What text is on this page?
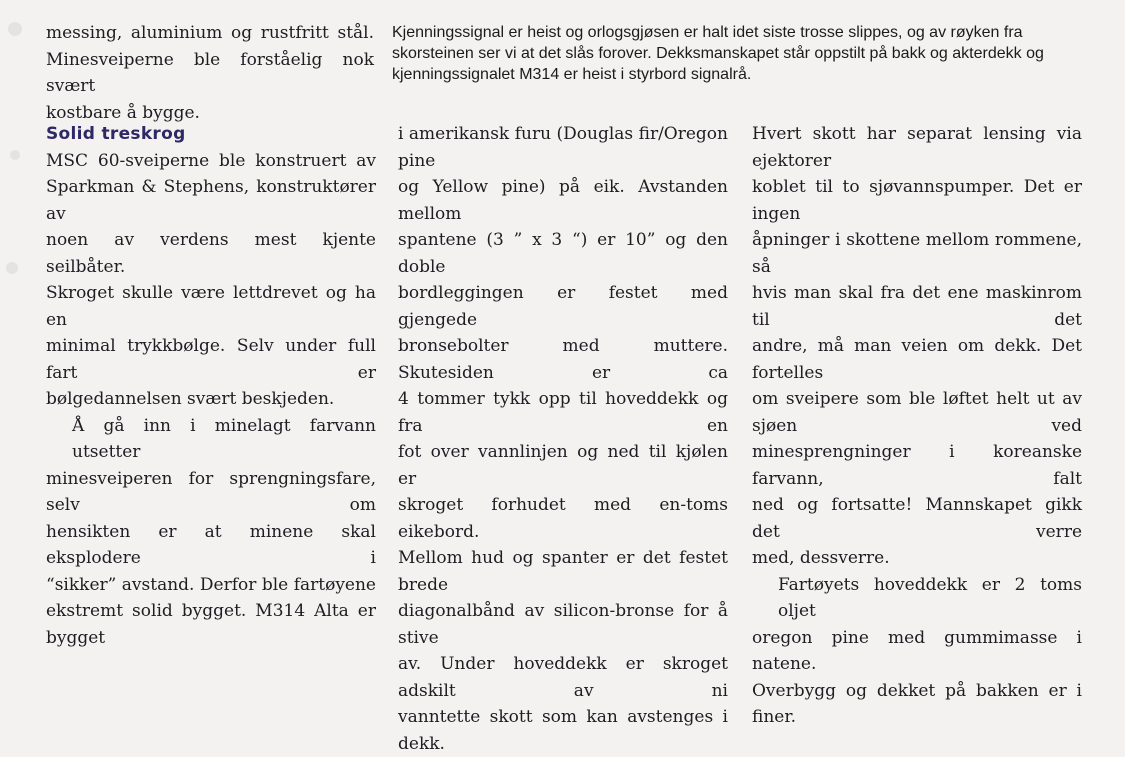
messing, aluminium og rustfritt stål.
Minesveiperne ble forståelig nok svært
kostbare å bygge.
Kjenningssignal er heist og orlogsgjøsen er halt idet siste trosse slippes, og av røyken fra
skorsteinen ser vi at det slås forover. Dekksmanskapet står oppstilt på bakk og akterdekk og
kjenningssignalet M314 er heist i styrbord signalrå.
Solid treskrog
MSC 60-sveiperne ble konstruert av
Sparkman & Stephens, konstruktører av
noen av verdens mest kjente seilbåter.
Skroget skulle være lettdrevet og ha en
minimal trykkbølge. Selv under full fart er
bølgedannelsen svært beskjeden.
Å gå inn i minelagt farvann utsetter
minesveiperen for sprengningsfare, selv om
hensikten er at minene skal eksplodere i
“sikker” avstand. Derfor ble fartøyene
ekstremt solid bygget. M314 Alta er bygget
i amerikansk furu (Douglas fir/Oregon pine
og Yellow pine) på eik. Avstanden mellom
spantene (3 ” x 3 “) er 10” og den doble
bordleggingen er festet med gjengede
bronsebolter med muttere. Skutesiden er ca
4 tommer tykk opp til hoveddekk og fra en
fot over vannlinjen og ned til kjølen er
skroget forhudet med en-toms eikebord.
Mellom hud og spanter er det festet brede
diagonalbånd av silicon-bronse for å stive
av. Under hoveddekk er skroget adskilt av ni
vanntette skott som kan avstenges i dekk.
Hvert skott har separat lensing via ejektorer
koblet til to sjøvannspumper. Det er ingen
åpninger i skottene mellom rommene, så
hvis man skal fra det ene maskinrom til det
andre, må man veien om dekk. Det fortelles
om sveipere som ble løftet helt ut av sjøen ved
minesprengninger i koreanske farvann, falt
ned og fortsatte! Mannskapet gikk det verre
med, dessverre.
Fartøyets hoveddekk er 2 toms oljet
oregon pine med gummimasse i natene.
Overbygg og dekket på bakken er i finer.
